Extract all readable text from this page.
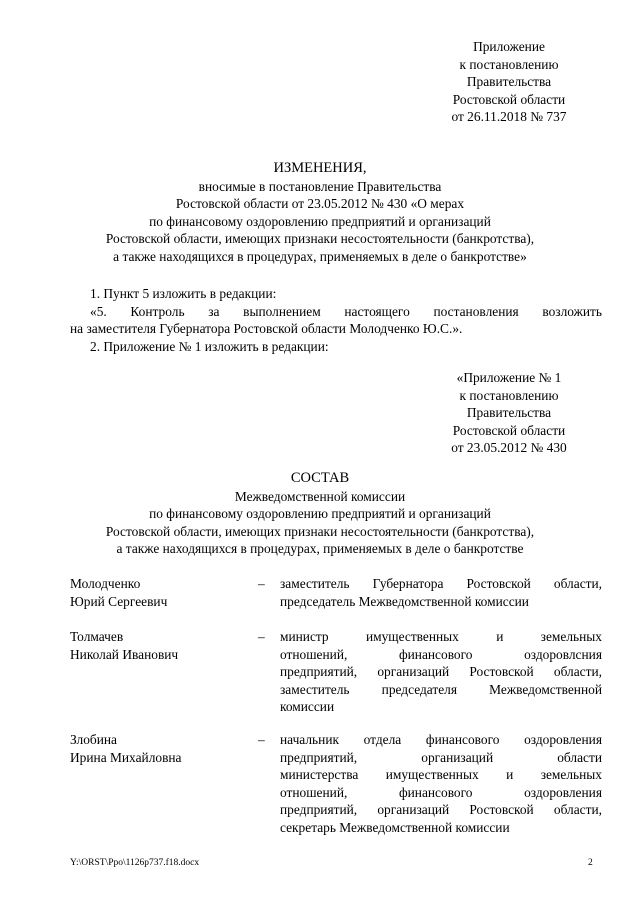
Приложение
к постановлению
Правительства
Ростовской области
от 26.11.2018 № 737
ИЗМЕНЕНИЯ,
вносимые в постановление Правительства
Ростовской области от 23.05.2012 № 430 «О мерах
по финансовому оздоровлению предприятий и организаций
Ростовской области, имеющих признаки несостоятельности (банкротства),
а также находящихся в процедурах, применяемых в деле о банкротстве»
1. Пункт 5 изложить в редакции:
«5. Контроль за выполнением настоящего постановления возложить
на заместителя Губернатора Ростовской области Молодченко Ю.С.».
2. Приложение № 1 изложить в редакции:
«Приложение № 1
к постановлению
Правительства
Ростовской области
от 23.05.2012 № 430
СОСТАВ
Межведомственной комиссии
по финансовому оздоровлению предприятий и организаций
Ростовской области, имеющих признаки несостоятельности (банкротства),
а также находящихся в процедурах, применяемых в деле о банкротстве
Молодченко
Юрий Сергеевич
–	заместитель Губернатора Ростовской области,
председатель Межведомственной комиссии
Толмачев
Николай Иванович
–	министр имущественных и земельных
отношений, финансового оздоровлсния
предприятий, организаций Ростовской области,
заместитель председателя Межведомственной
комиссии
Злобина
Ирина Михайловна
–	начальник отдела финансового оздоровления
предприятий, организаций области
министерства имущественных и земельных
отношений, финансового оздоровления
предприятий, организаций Ростовской области,
секретарь Межведомственной комиссии
Y:\ORST\Ppo\1126p737.f18.docx	2
